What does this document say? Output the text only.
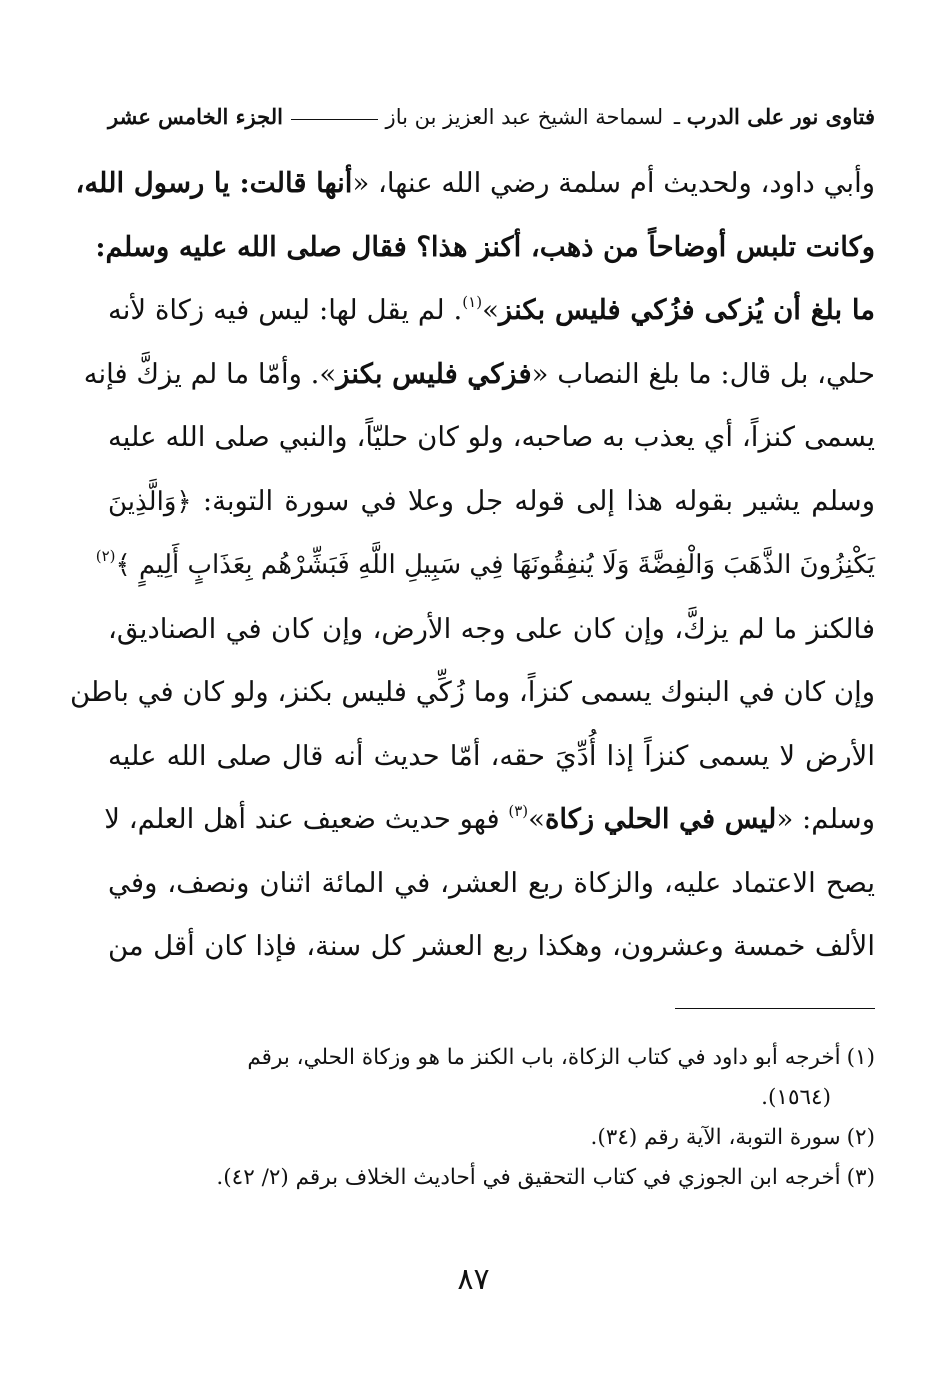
فتاوى نور على الدرب ـ لسماحة الشيخ عبد العزيز بن باز
الجزء الخامس عشر
وأبي داود، ولحديث أم سلمة رضي الله عنها، «أنها قالت: يا رسول الله،
وكانت تلبس أوضاحاً من ذهب، أكنز هذا؟ فقال صلى الله عليه وسلم:
ما بلغ أن يُزكى فزُكي فليس بكنز»$^{(١)}$. لم يقل لها: ليس فيه زكاة لأنه
حلي، بل قال: ما بلغ النصاب «فزكي فليس بكنز». وأمّا ما لم يزكَّ فإنه
يسمى كنزاً، أي يعذب به صاحبه، ولو كان حليّاً، والنبي صلى الله عليه
وسلم يشير بقوله هذا إلى قوله جل وعلا في سورة التوبة: ﴿وَالَّذِينَ
يَكْنِزُونَ الذَّهَبَ وَالْفِضَّةَ وَلَا يُنفِقُونَهَا فِي سَبِيلِ اللَّهِ فَبَشِّرْهُم بِعَذَابٍ أَلِيمٍ ﴾$^{(٢)}$
فالكنز ما لم يزكَّ، وإن كان على وجه الأرض، وإن كان في الصناديق،
وإن كان في البنوك يسمى كنزاً، وما زُكِّي فليس بكنز، ولو كان في باطن
الأرض لا يسمى كنزاً إذا أُدِّيَ حقه، أمّا حديث أنه قال صلى الله عليه
وسلم: «ليس في الحلي زكاة»$^{(٣)}$ فهو حديث ضعيف عند أهل العلم، لا
يصح الاعتماد عليه، والزكاة ربع العشر، في المائة اثنان ونصف، وفي
الألف خمسة وعشرون، وهكذا ربع العشر كل سنة، فإذا كان أقل من
(١)أخرجه أبو داود في كتاب الزكاة، باب الكنز ما هو وزكاة الحلي، برقم
(١٥٦٤).
(٢)سورة التوبة، الآية رقم (٣٤).
(٣)أخرجه ابن الجوزي في كتاب التحقيق في أحاديث الخلاف برقم (٢/ ٤٢).
٨٧
